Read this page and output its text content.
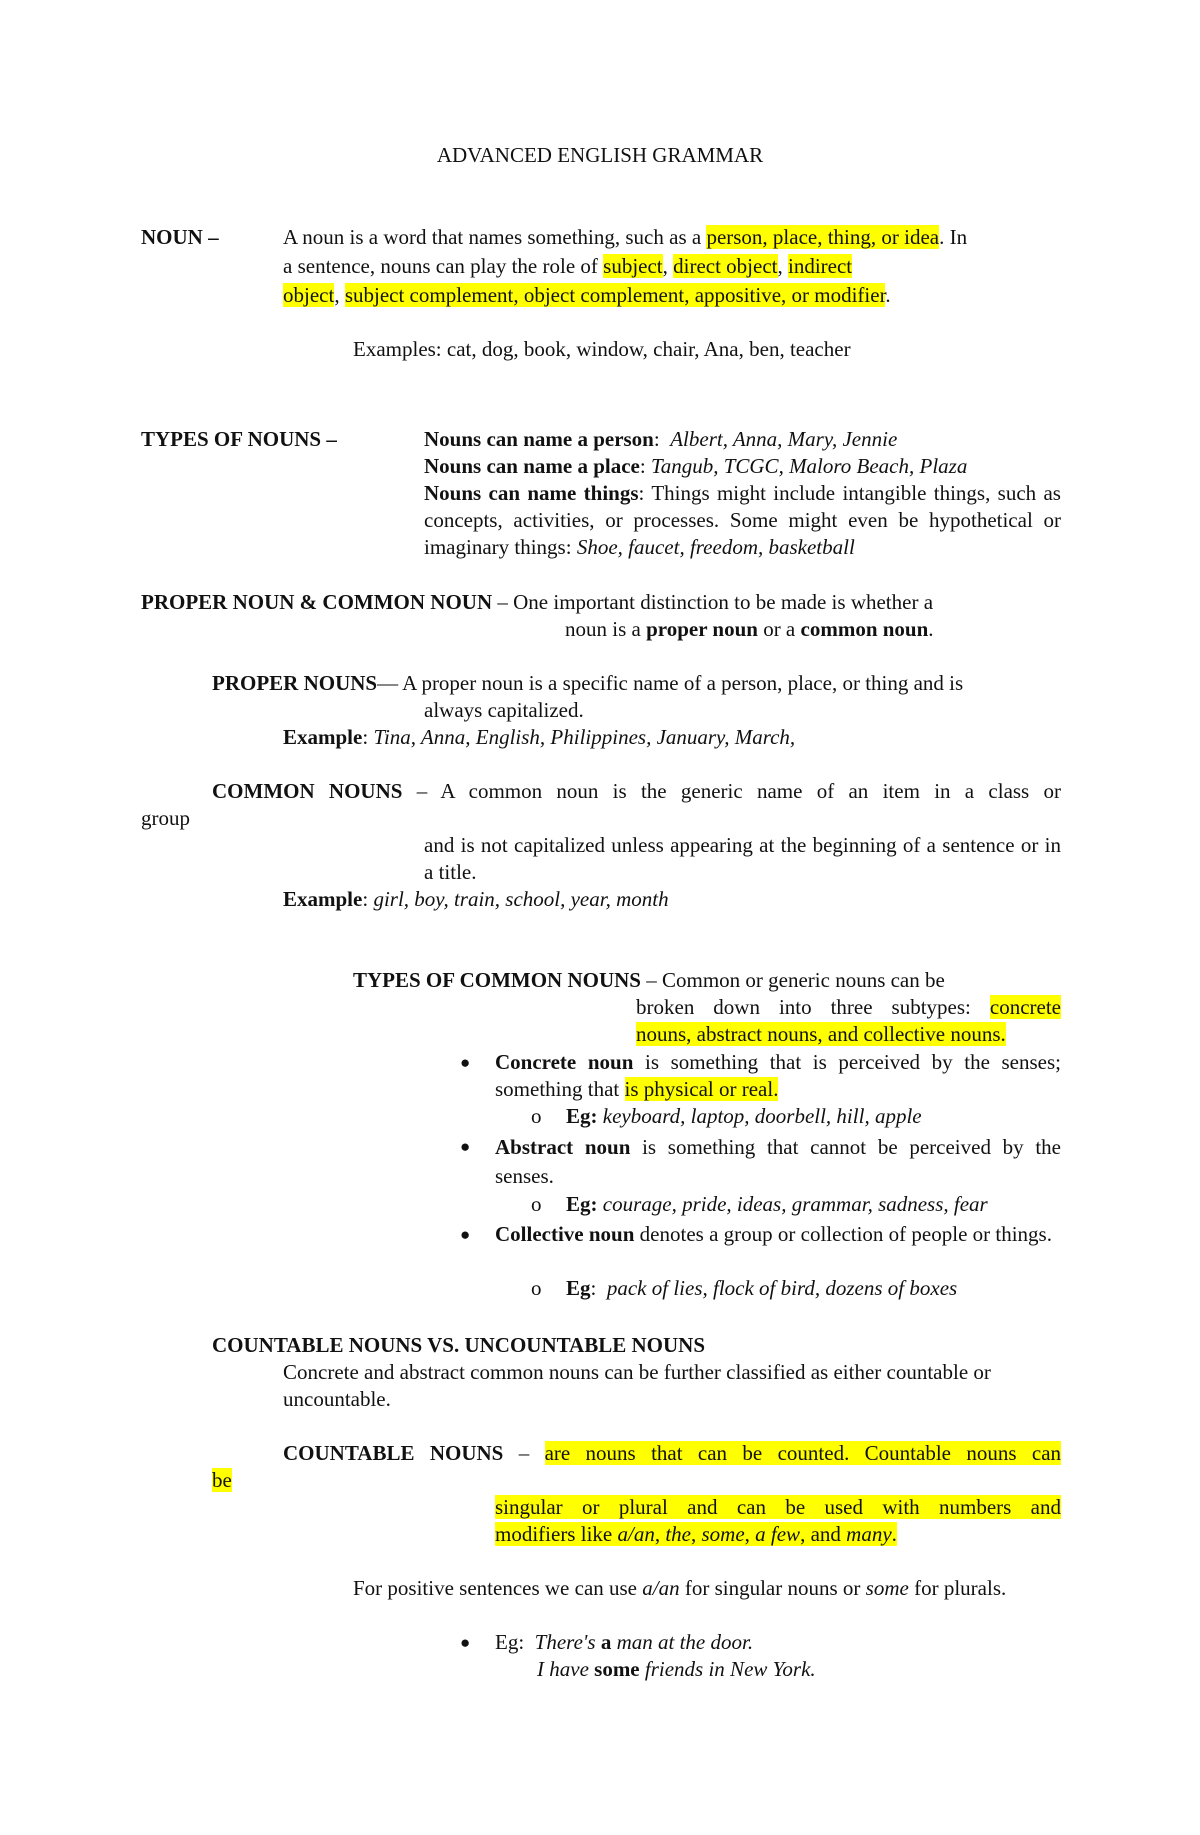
ADVANCED ENGLISH GRAMMAR
NOUN –	A noun is a word that names something, such as a person, place, thing, or idea. In
a sentence, nouns can play the role of subject, direct object, indirect
object, subject complement, object complement, appositive, or modifier.
Examples: cat, dog, book, window, chair, Ana, ben, teacher
TYPES OF NOUNS –	Nouns can name a person:  Albert, Anna, Mary, Jennie
Nouns can name a place: Tangub, TCGC, Maloro Beach, Plaza
Nouns can name things: Things might include intangible things, such as concepts, activities, or processes. Some might even be hypothetical or imaginary things: Shoe, faucet, freedom, basketball
PROPER NOUN & COMMON NOUN – One important distinction to be made is whether a
noun is a proper noun or a common noun.
PROPER NOUNS— A proper noun is a specific name of a person, place, or thing and is
always capitalized.
Example: Tina, Anna, English, Philippines, January, March,
COMMON NOUNS – A common noun is the generic name of an item in a class or
group
and is not capitalized unless appearing at the beginning of a sentence or in a title.
Example: girl, boy, train, school, year, month
TYPES OF COMMON NOUNS – Common or generic nouns can be
broken down into three subtypes: concrete
nouns, abstract nouns, and collective nouns.
● Concrete noun is something that is perceived by the senses; something that is physical or real.
o Eg: keyboard, laptop, doorbell, hill, apple
● Abstract noun is something that cannot be perceived by the senses.
o Eg: courage, pride, ideas, grammar, sadness, fear
● Collective noun denotes a group or collection of people or things.
o Eg:  pack of lies, flock of bird, dozens of boxes
COUNTABLE NOUNS VS. UNCOUNTABLE NOUNS
Concrete and abstract common nouns can be further classified as either countable or uncountable.
COUNTABLE NOUNS – are nouns that can be counted. Countable nouns can
be
singular or plural and can be used with numbers and
modifiers like a/an, the, some, a few, and many.
For positive sentences we can use a/an for singular nouns or some for plurals.
● Eg: There's a man at the door.
I have some friends in New York.
